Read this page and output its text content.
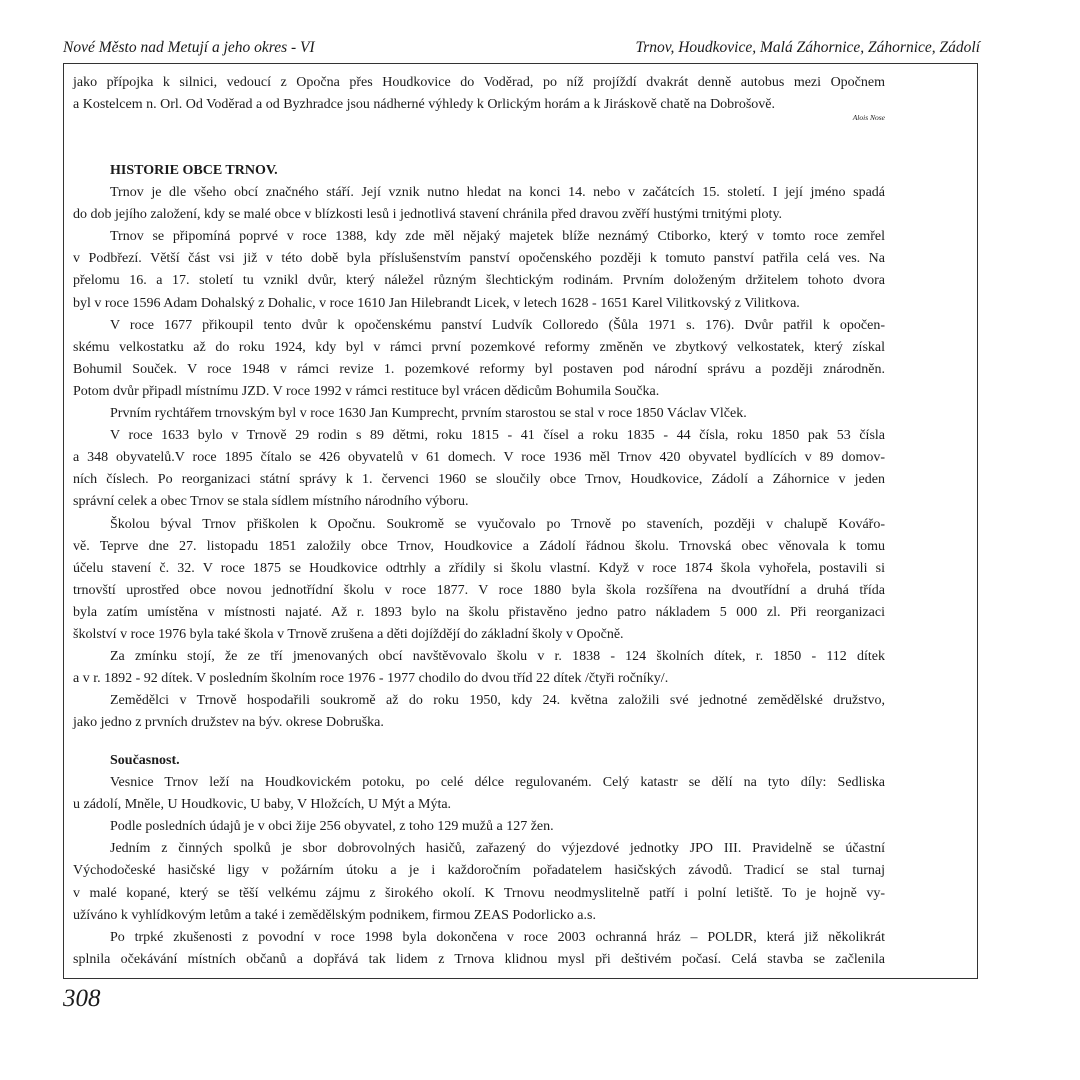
Nové Město nad Metují a jeho okres - VI	Trnov, Houdkovice, Malá Záhornice, Záhornice, Zádolí

jako přípojka k silnici, vedoucí z Opočna přes Houdkovice do Voděrad, po níž projíždí dvakrát denně autobus mezi Opočnem

a Kostelcem n. Orl. Od Voděrad a od Byzhradce jsou nádherné výhledy k Orlickým horám a k Jiráskově chatě na Dobrošově.

Alois Nose
HISTORIE OBCE TRNOV.

Trnov je dle všeho obcí značného stáří. Její vznik nutno hledat na konci 14. nebo v začátcích 15. století. I její jméno spadá

do dob jejího založení, kdy se malé obce v blízkosti lesů i jednotlivá stavení chránila před dravou zvěří hustými trnitými ploty.

Trnov se připomíná poprvé v roce 1388, kdy zde měl nějaký majetek blíže neznámý Ctiborko, který v tomto roce zemřel

v Podbřezí. Větší část vsi již v této době byla příslušenstvím panství opočenského později k tomuto panství patřila celá ves. Na

přelomu 16. a 17. století tu vznikl dvůr, který náležel různým šlechtickým rodinám. Prvním doloženým držitelem tohoto dvora

byl v roce 1596 Adam Dohalský z Dohalic, v roce 1610 Jan Hilebrandt Licek, v letech 1628 - 1651 Karel Vilitkovský z Vilitkova.

V roce 1677 přikoupil tento dvůr k opočenskému panství Ludvík Colloredo (Šůla 1971 s. 176). Dvůr patřil k opočen-

skému velkostatku až do roku 1924, kdy byl v rámci první pozemkové reformy změněn ve zbytkový velkostatek, který získal

Bohumil Souček. V roce 1948 v rámci revize 1. pozemkové reformy byl postaven pod národní správu a později znárodněn.

Potom dvůr připadl místnímu JZD. V roce 1992 v rámci restituce byl vrácen dědicům Bohumila Součka.

Prvním rychtářem trnovským byl v roce 1630 Jan Kumprecht, prvním starostou se stal v roce 1850 Václav Vlček.

V roce 1633 bylo v Trnově 29 rodin s 89 dětmi, roku 1815 - 41 čísel a roku 1835 - 44 čísla, roku 1850 pak 53 čísla

a 348 obyvatelů.V roce 1895 čítalo se 426 obyvatelů v 61 domech. V roce 1936 měl Trnov 420 obyvatel bydlících v 89 domov-

ních číslech. Po reorganizaci státní správy k 1. červenci 1960 se sloučily obce Trnov, Houdkovice, Zádolí a Záhornice v jeden

správní celek a obec Trnov se stala sídlem místního národního výboru.

Školou býval Trnov přiškolen k Opočnu. Soukromě se vyučovalo po Trnově po staveních, později v chalupě Kovářo-

vě. Teprve dne 27. listopadu 1851 založily obce Trnov, Houdkovice a Zádolí řádnou školu. Trnovská obec věnovala k tomu

účelu stavení č. 32. V roce 1875 se Houdkovice odtrhly a zřídily si školu vlastní. Když v roce 1874 škola vyhořela, postavili si

trnovští uprostřed obce novou jednotřídní školu v roce 1877. V roce 1880 byla škola rozšířena na dvoutřídní a druhá třída

byla zatím umístěna v místnosti najaté. Až r. 1893 bylo na školu přistavěno jedno patro nákladem 5 000 zl. Při reorganizaci

školství v roce 1976 byla také škola v Trnově zrušena a děti dojíždějí do základní školy v Opočně.

Za zmínku stojí, že ze tří jmenovaných obcí navštěvovalo školu v r. 1838 - 124 školních dítek, r. 1850 - 112 dítek

a v r. 1892 - 92 dítek. V posledním školním roce 1976 - 1977 chodilo do dvou tříd 22 dítek /čtyři ročníky/.

Zemědělci v Trnově hospodařili soukromě až do roku 1950, kdy 24. května založili své jednotné zemědělské družstvo,

jako jedno z prvních družstev na býv. okrese Dobruška.

Současnost.

Vesnice Trnov leží na Houdkovickém potoku, po celé délce regulovaném. Celý katastr se dělí na tyto díly: Sedliska

u zádolí, Mněle, U Houdkovic, U baby, V Hložcích, U Mýt a Mýta.

Podle posledních údajů je v obci žije 256 obyvatel, z toho 129 mužů a 127 žen.

Jedním z činných spolků je sbor dobrovolných hasičů, zařazený do výjezdové jednotky JPO III. Pravidelně se účastní

Východočeské hasičské ligy v požárním útoku a je i každoročním pořadatelem hasičských závodů. Tradicí se stal turnaj

v malé kopané, který se těší velkému zájmu z širokého okolí. K Trnovu neodmyslitelně patří i polní letiště. To je hojně vy-

užíváno k vyhlídkovým letům a také i zemědělským podnikem, firmou ZEAS Podorlicko a.s.

Po trpké zkušenosti z povodní v roce 1998 byla dokončena v roce 2003 ochranná hráz – POLDR, která již několikrát

splnila očekávání místních občanů a dopřává tak lidem z Trnova klidnou mysl při deštivém počasí. Celá stavba se začlenila

308
